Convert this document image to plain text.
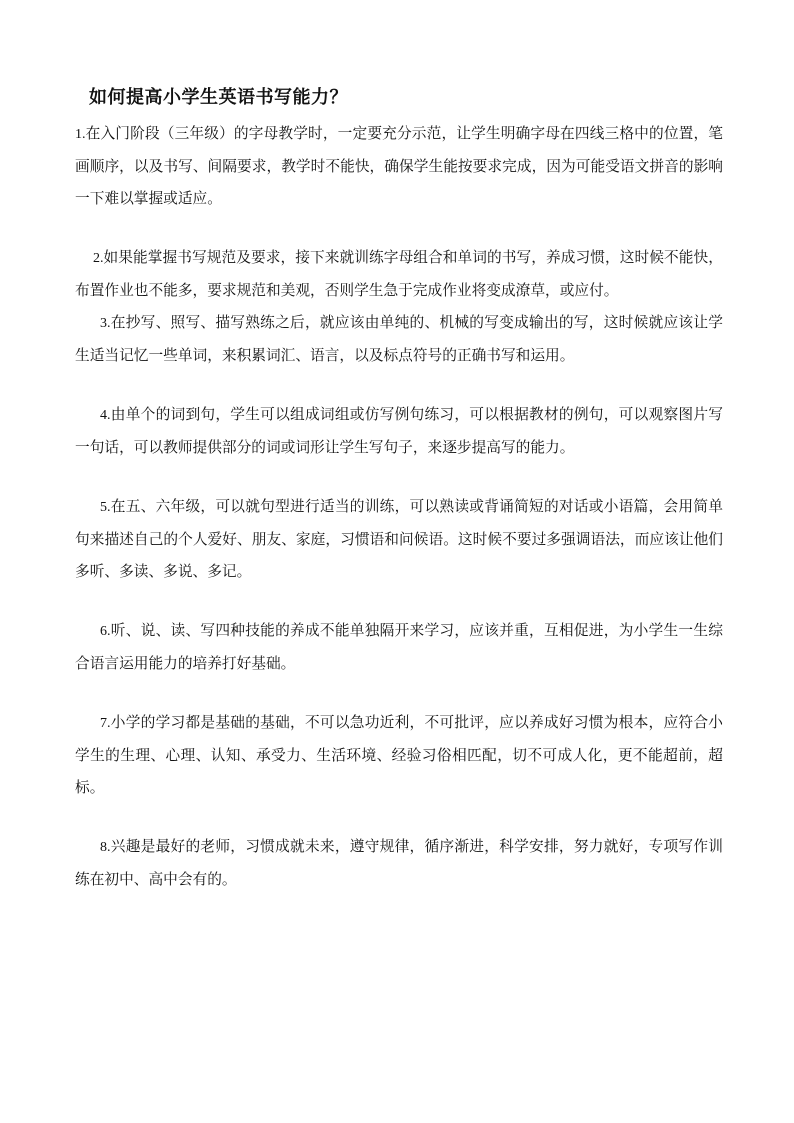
如何提高小学生英语书写能力？

1.在入门阶段（三年级）的字母教学时，一定要充分示范，让学生明确字母在四线三格中的位置，笔画顺序，以及书写、间隔要求，教学时不能快，确保学生能按要求完成，因为可能受语文拼音的影响一下难以掌握或适应。

2.如果能掌握书写规范及要求，接下来就训练字母组合和单词的书写，养成习惯，这时候不能快，布置作业也不能多，要求规范和美观，否则学生急于完成作业将变成潦草，或应付。

3.在抄写、照写、描写熟练之后，就应该由单纯的、机械的写变成输出的写，这时候就应该让学生适当记忆一些单词，来积累词汇、语言，以及标点符号的正确书写和运用。

4.由单个的词到句，学生可以组成词组或仿写例句练习，可以根据教材的例句，可以观察图片写一句话，可以教师提供部分的词或词形让学生写句子，来逐步提高写的能力。

5.在五、六年级，可以就句型进行适当的训练，可以熟读或背诵简短的对话或小语篇，会用简单句来描述自己的个人爱好、朋友、家庭，习惯语和问候语。这时候不要过多强调语法，而应该让他们多听、多读、多说、多记。

6.听、说、读、写四种技能的养成不能单独隔开来学习，应该并重，互相促进，为小学生一生综合语言运用能力的培养打好基础。

7.小学的学习都是基础的基础，不可以急功近利，不可批评，应以养成好习惯为根本，应符合小学生的生理、心理、认知、承受力、生活环境、经验习俗相匹配，切不可成人化，更不能超前，超标。

8.兴趣是最好的老师，习惯成就未来，遵守规律，循序渐进，科学安排，努力就好，专项写作训练在初中、高中会有的。
